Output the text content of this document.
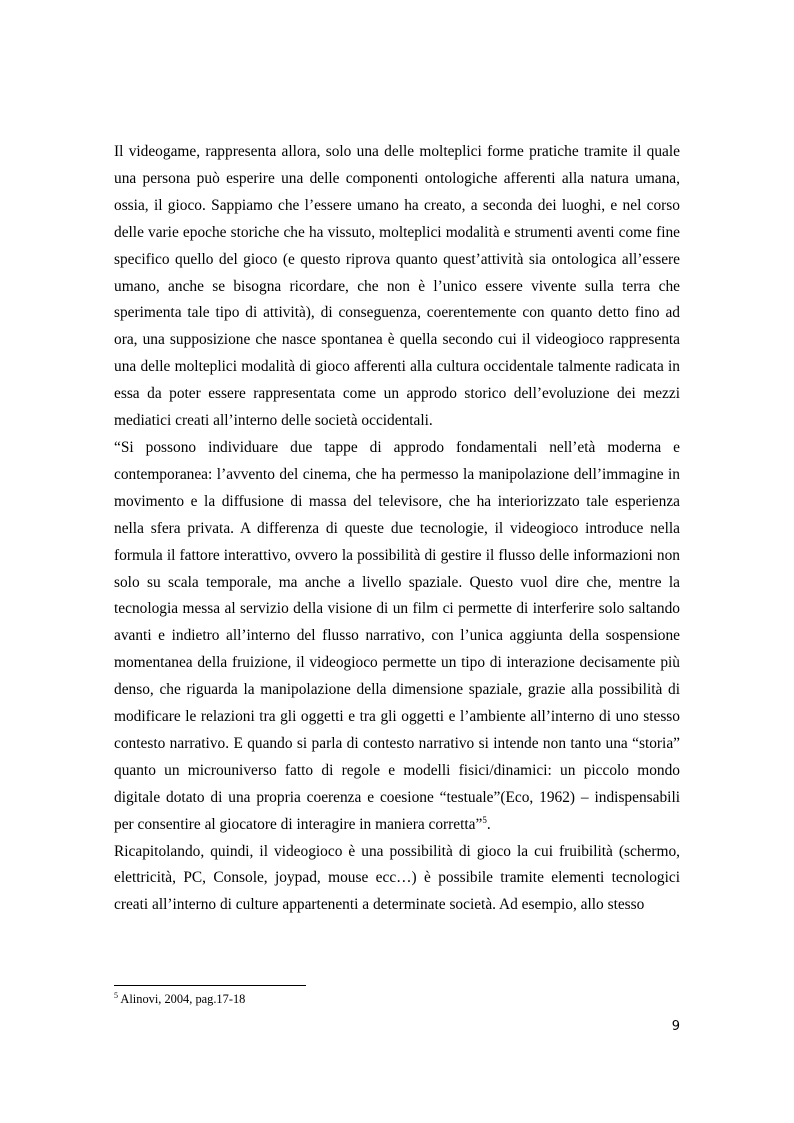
Il videogame, rappresenta allora, solo una delle molteplici forme pratiche tramite il quale una persona può esperire una delle componenti ontologiche afferenti alla natura umana, ossia, il gioco. Sappiamo che l’essere umano ha creato, a seconda dei luoghi, e nel corso delle varie epoche storiche che ha vissuto, molteplici modalità e strumenti aventi come fine specifico quello del gioco (e questo riprova quanto quest’attività sia ontologica all’essere umano, anche se bisogna ricordare, che non è l’unico essere vivente sulla terra che sperimenta tale tipo di attività), di conseguenza, coerentemente con quanto detto fino ad ora, una supposizione che nasce spontanea è quella secondo cui il videogioco rappresenta una delle molteplici modalità di gioco afferenti alla cultura occidentale talmente radicata in essa da poter essere rappresentata come un approdo storico dell’evoluzione dei mezzi mediatici creati all’interno delle società occidentali.

“Si possono individuare due tappe di approdo fondamentali nell’età moderna e contemporanea: l’avvento del cinema, che ha permesso la manipolazione dell’immagine in movimento e la diffusione di massa del televisore, che ha interiorizzato tale esperienza nella sfera privata. A differenza di queste due tecnologie, il videogioco introduce nella formula il fattore interattivo, ovvero la possibilità di gestire il flusso delle informazioni non solo su scala temporale, ma anche a livello spaziale. Questo vuol dire che, mentre la tecnologia messa al servizio della visione di un film ci permette di interferire solo saltando avanti e indietro all’interno del flusso narrativo, con l’unica aggiunta della sospensione momentanea della fruizione, il videogioco permette un tipo di interazione decisamente più denso, che riguarda la manipolazione della dimensione spaziale, grazie alla possibilità di modificare le relazioni tra gli oggetti e tra gli oggetti e l’ambiente all’interno di uno stesso contesto narrativo. E quando si parla di contesto narrativo si intende non tanto una “storia” quanto un microuniverso fatto di regole e modelli fisici/dinamici: un piccolo mondo digitale dotato di una propria coerenza e coesione “testuale”(Eco, 1962) – indispensabili per consentire al giocatore di interagire in maniera corretta”$^5$.

Ricapitolando, quindi, il videogioco è una possibilità di gioco la cui fruibilità (schermo, elettricità, PC, Console, joypad, mouse ecc…) è possibile tramite elementi tecnologici creati all’interno di culture appartenenti a determinate società. Ad esempio, allo stesso

$^5$ Alinovi, 2004, pag.17-18

9
